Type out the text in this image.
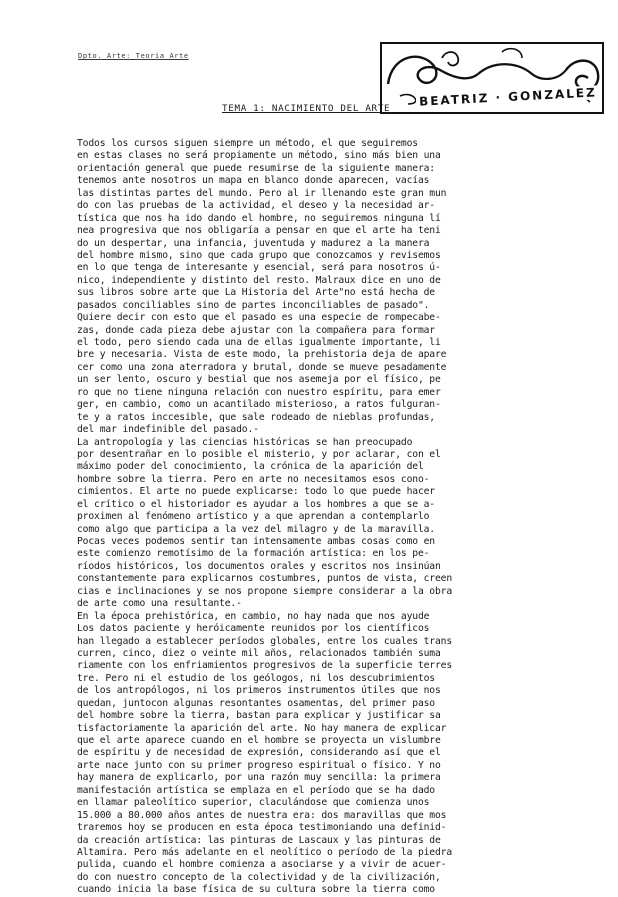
Dpto. Arte: Teoria Arte
BEATRIZ · GONZALEZ
TEMA 1: NACIMIENTO DEL ARTE
Todos los cursos siguen siempre un método, el que seguiremos
en estas clases no será propiamente un método, sino más bien una
orientación general que puede resumirse de la siguiente manera:
tenemos ante nosotros un mapa en blanco donde aparecen, vacías
las distintas partes del mundo. Pero al ir llenando este gran mun
do con las pruebas de la actividad, el deseo y la necesidad ar-
tística que nos ha ido dando el hombre, no seguiremos ninguna lí
nea progresiva que nos obligaría a pensar en que el arte ha teni
do un despertar, una infancia, juventuda y madurez a la manera
del hombre mismo, sino que cada grupo que conozcamos y revisemos
en lo que tenga de interesante y esencial, será para nosotros ú-
nico, independiente y distinto del resto. Malraux dice en uno de
sus libros sobre arte que La Historia del Arte"no está hecha de
pasados conciliables sino de partes inconciliables de pasado".
Quiere decir con esto que el pasado es una especie de rompecabe-
zas, donde cada pieza debe ajustar con la compañera para formar
el todo, pero siendo cada una de ellas igualmente importante, li
bre y necesaria. Vista de este modo, la prehistoria deja de apare
cer como una zona aterradora y brutal, donde se mueve pesadamente
un ser lento, oscuro y bestial que nos asemeja por el físico, pe
ro que no tiene ninguna relación con nuestro espíritu, para emer
ger, en cambio, como un acantilado misterioso, a ratos fulguran-
te y a ratos inccesible, que sale rodeado de nieblas profundas,
del mar indefinible del pasado.-
La antropología y las ciencias históricas se han preocupado
por desentrañar en lo posible el misterio, y por aclarar, con el
máximo poder del conocimiento, la crónica de la aparición del
hombre sobre la tierra. Pero en arte no necesitamos esos cono-
cimientos. El arte no puede explicarse: todo lo que puede hacer
el crítico o el historiador es ayudar a los hombres a que se a-
proximen al fenómeno artístico y a que aprendan a contemplarlo
como algo que participa a la vez del milagro y de la maravilla.
Pocas veces podemos sentir tan intensamente ambas cosas como en
este comienzo remotísimo de la formación artística: en los pe-
ríodos históricos, los documentos orales y escritos nos insinúan
constantemente para explicarnos costumbres, puntos de vista, creen
cias e inclinaciones y se nos propone siempre considerar a la obra
de arte como una resultante.-
En la época prehistórica, en cambio, no hay nada que nos ayude
Los datos paciente y heróicamente reunidos por los científicos
han llegado a establecer períodos globales, entre los cuales trans
curren, cinco, diez o veinte mil años, relacionados también suma
riamente con los enfriamientos progresivos de la superficie terres
tre. Pero ni el estudio de los geólogos, ni los descubrimientos
de los antropólogos, ni los primeros instrumentos útiles que nos
quedan, juntocon algunas resontantes osamentas, del primer paso
del hombre sobre la tierra, bastan para explicar y justificar sa
tisfactoriamente la aparición del arte. No hay manera de explicar
que el arte aparece cuando en el hombre se proyecta un vislumbre
de espíritu y de necesidad de expresión, considerando así que el
arte nace junto con su primer progreso espiritual o físico. Y no
hay manera de explicarlo, por una razón muy sencilla: la primera
manifestación artística se emplaza en el período que se ha dado
en llamar paleolítico superior, claculándose que comienza unos
15.000 a 80.000 años antes de nuestra era: dos maravillas que mos
traremos hoy se producen en esta época testimoniando una definid-
da creación artística: las pinturas de Lascaux y las pinturas de
Altamira. Pero más adelante en el neolítico o período de la piedra
pulida, cuando el hombre comienza a asociarse y a vivir de acuer-
do con nuestro concepto de la colectividad y de la civilización,
cuando inicia la base física de su cultura sobre la tierra como
